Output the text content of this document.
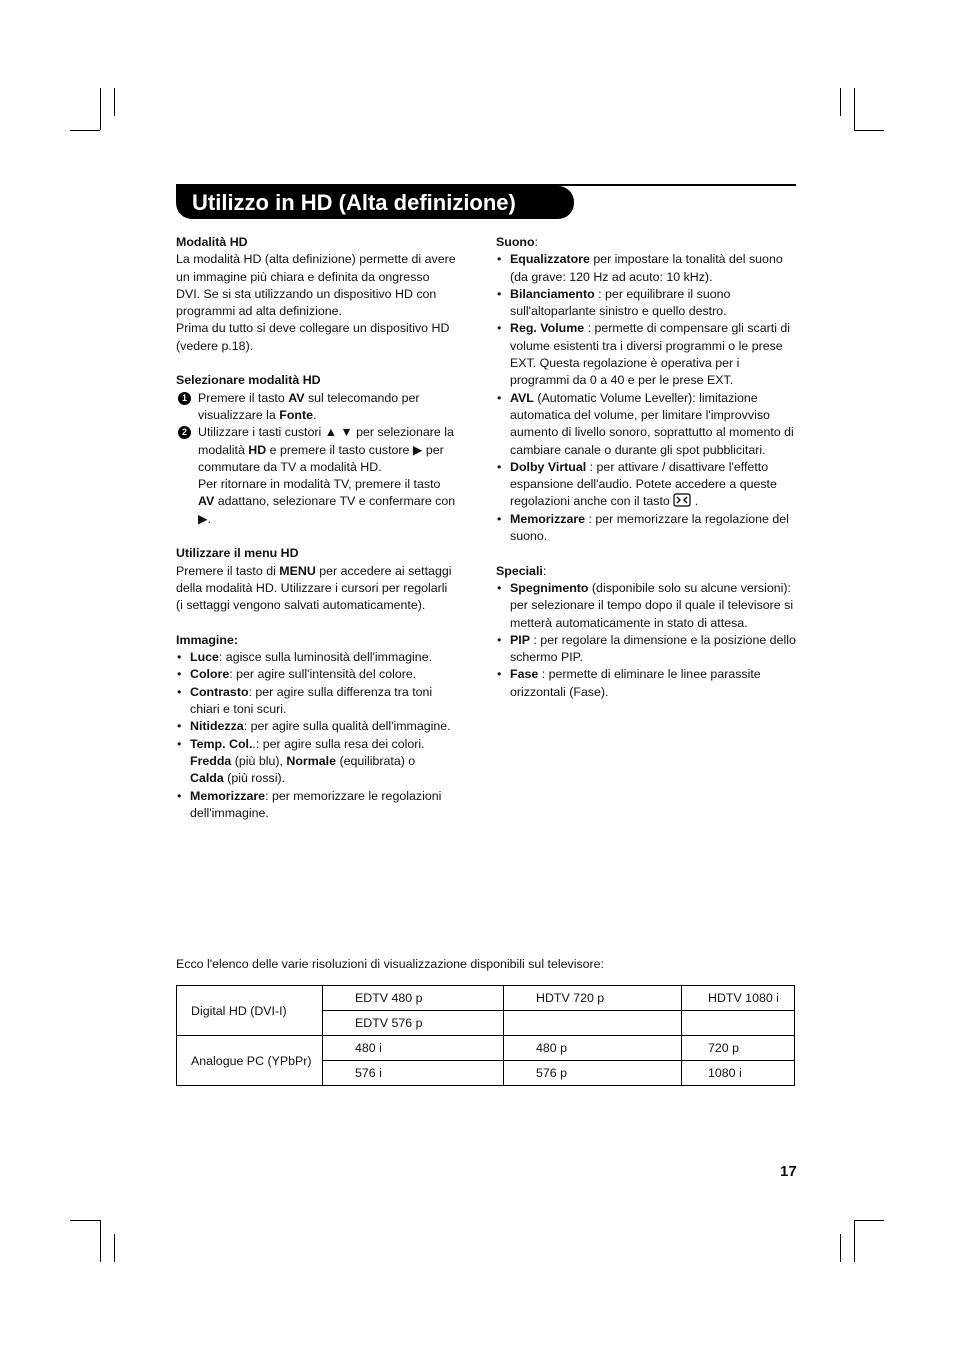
Utilizzo in HD (Alta definizione)

Modalità HD

La modalità HD (alta definizione) permette di avere un immagine più chiara e definita da ongresso DVI. Se si sta utilizzando un dispositivo HD con programmi ad alta definizione.

Prima du tutto si deve collegare un dispositivo HD (vedere p.18).

Selezionare modalità HD

1 Premere il tasto AV sul telecomando per visualizzare la Fonte.
2 Utilizzare i tasti custori ▲ ▼ per selezionare la modalità HD e premere il tasto custore ▶ per commutare da TV a modalità HD.
Per ritornare in modalità TV, premere il tasto AV adattano, selezionare TV e confermare con ▶.

Utilizzare il menu HD

Premere il tasto di MENU per accedere ai settaggi della modalità HD. Utilizzare i cursori per regolarli (i settaggi vengono salvati automaticamente).

Immagine:

• Luce: agisce sulla luminosità dell'immagine.
• Colore: per agire sull'intensità del colore.
• Contrasto: per agire sulla differenza tra toni chiari e toni scuri.
• Nitidezza: per agire sulla qualità dell'immagine.
• Temp. Col..: per agire sulla resa dei colori.
Fredda (più blu), Normale (equilibrata) o
Calda (più rossi).
• Memorizzare: per memorizzare le regolazioni dell'immagine.

Suono:

• Equalizzatore per impostare la tonalità del suono (da grave: 120 Hz ad acuto: 10 kHz).
• Bilanciamento : per equilibrare il suono sull'altoparlante sinistro e quello destro.
• Reg. Volume : permette di compensare gli scarti di volume esistenti tra i diversi programmi o le prese EXT. Questa regolazione è operativa per i programmi da 0 a 40 e per le prese EXT.
• AVL (Automatic Volume Leveller): limitazione automatica del volume, per limitare l'improvviso aumento di livello sonoro, soprattutto al momento di cambiare canale o durante gli spot pubblicitari.
• Dolby Virtual : per attivare / disattivare l'effetto espansione dell'audio. Potete accedere a queste regolazioni anche con il tasto  .
• Memorizzare : per memorizzare la regolazione del suono.

Speciali:

• Spegnimento (disponibile solo su alcune versioni): per selezionare il tempo dopo il quale il televisore si metterà automaticamente in stato di attesa.
• PIP : per regolare la dimensione e la posizione dello schermo PIP.
• Fase : permette di eliminare le linee parassite orizzontali (Fase).
Ecco l'elenco delle varie risoluzioni di visualizzazione disponibili sul televisore:
Digital HD (DVI-I)	EDTV 480 p	HDTV 720 p	HDTV 1080 i
	EDTV 576 p		
Analogue PC (YPbPr)	480 i	480 p	720 p
	576 i	576 p	1080 i
17
